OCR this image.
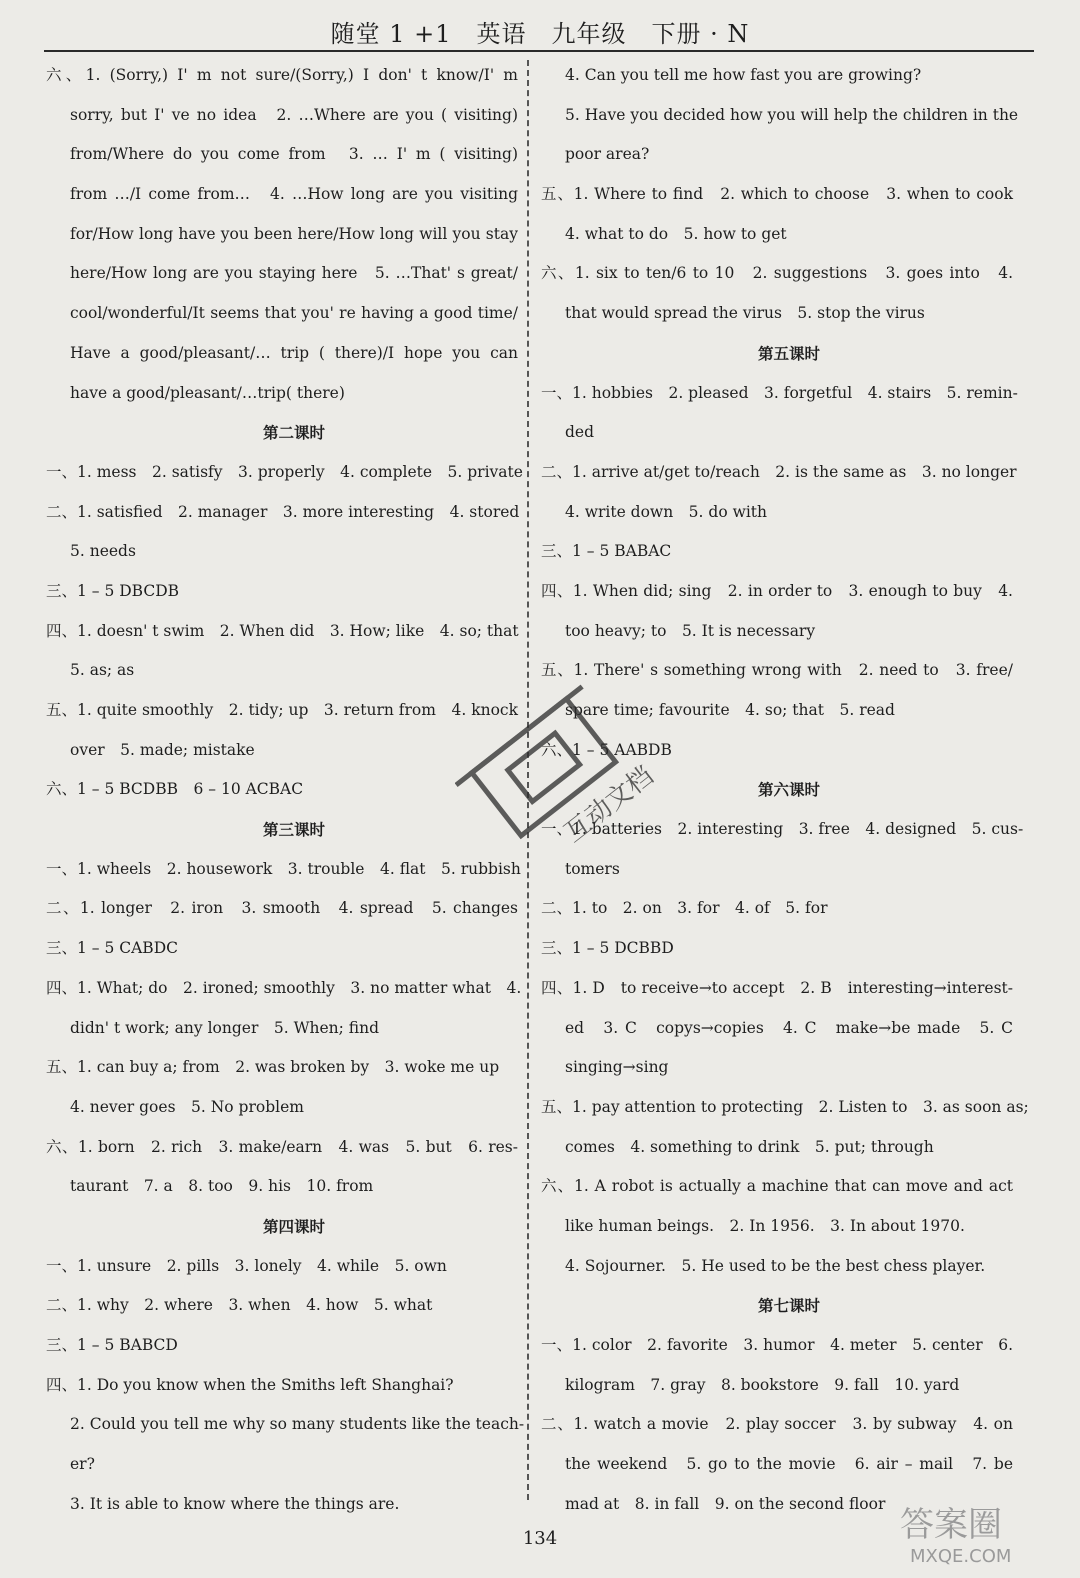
随堂 1 +1　英语　九年级　下册 · N
六、1. (Sorry,) I' m not sure/(Sorry,) I don' t know/I' m
sorry, but I' ve no idea　2. …Where are you ( visiting)
from/Where do you come from　3. … I' m ( visiting)
from …/I come from…　4. …How long are you visiting
for/How long have you been here/How long will you stay
here/How long are you staying here　5. …That' s great/
cool/wonderful/It seems that you' re having a good time/
Have a good/pleasant/… trip ( there)/I hope you can
have a good/pleasant/…trip( there)
第二课时
一、1. mess　2. satisfy　3. properly　4. complete　5. private
二、1. satisfied　2. manager　3. more interesting　4. stored
5. needs
三、1 – 5 DBCDB
四、1. doesn' t swim　2. When did　3. How; like　4. so; that
5. as; as
五、1. quite smoothly　2. tidy; up　3. return from　4. knock
over　5. made; mistake
六、1 – 5 BCDBB　6 – 10 ACBAC
第三课时
一、1. wheels　2. housework　3. trouble　4. flat　5. rubbish
二、1. longer　2. iron　3. smooth　4. spread　5. changes
三、1 – 5 CABDC
四、1. What; do　2. ironed; smoothly　3. no matter what　4.
didn' t work; any longer　5. When; find
五、1. can buy a; from　2. was broken by　3. woke me up
4. never goes　5. No problem
六、1. born　2. rich　3. make/earn　4. was　5. but　6. res-
taurant　7. a　8. too　9. his　10. from
第四课时
一、1. unsure　2. pills　3. lonely　4. while　5. own
二、1. why　2. where　3. when　4. how　5. what
三、1 – 5 BABCD
四、1. Do you know when the Smiths left Shanghai?
2. Could you tell me why so many students like the teach-
er?
3. It is able to know where the things are.
4. Can you tell me how fast you are growing?
5. Have you decided how you will help the children in the
poor area?
五、1. Where to find　2. which to choose　3. when to cook
4. what to do　5. how to get
六、1. six to ten/6 to 10　2. suggestions　3. goes into　4.
that would spread the virus　5. stop the virus
第五课时
一、1. hobbies　2. pleased　3. forgetful　4. stairs　5. remin-
ded
二、1. arrive at/get to/reach　2. is the same as　3. no longer
4. write down　5. do with
三、1 – 5 BABAC
四、1. When did; sing　2. in order to　3. enough to buy　4.
too heavy; to　5. It is necessary
五、1. There' s something wrong with　2. need to　3. free/
spare time; favourite　4. so; that　5. read
六、1 – 5 AABDB
第六课时
一、1. batteries　2. interesting　3. free　4. designed　5. cus-
tomers
二、1. to　2. on　3. for　4. of　5. for
三、1 – 5 DCBBD
四、1. D　to receive→to accept　2. B　interesting→interest-
ed　3. C　copys→copies　4. C　make→be made　5. C
singing→sing
五、1. pay attention to protecting　2. Listen to　3. as soon as;
comes　4. something to drink　5. put; through
六、1. A robot is actually a machine that can move and act
like human beings.　2. In 1956.　3. In about 1970.
4. Sojourner.　5. He used to be the best chess player.
第七课时
一、1. color　2. favorite　3. humor　4. meter　5. center　6.
kilogram　7. gray　8. bookstore　9. fall　10. yard
二、1. watch a movie　2. play soccer　3. by subway　4. on
the weekend　5. go to the movie　6. air – mail　7. be
mad at　8. in fall　9. on the second floor
134
互动文档
答案圈
MXQE.COM
